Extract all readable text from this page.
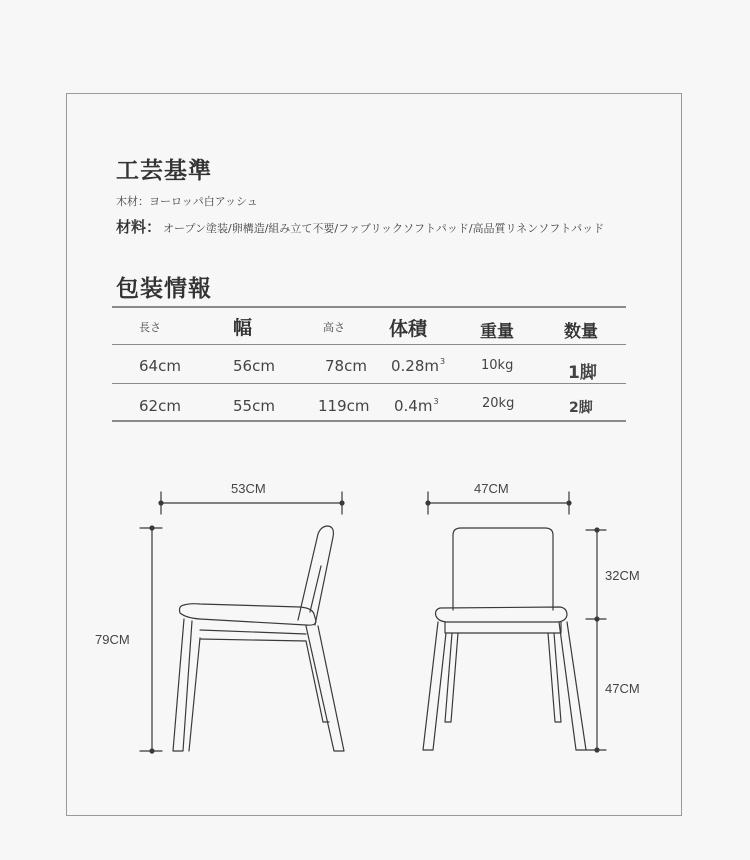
工芸基準
木材：ヨーロッパ白アッシュ
材料： オープン塗装/卵構造/組み立て不要/ファブリックソフトパッド/高品質リネンソフトパッド
包装情報
長さ	幅	高さ 体積	重量	数量
64cm	56cm	78cm $0.28m^3$	10kg	1脚
62cm	55cm	119cm $0.4m^3$	20kg	2脚
53CM
79CM
47CM
32CM
47CM
